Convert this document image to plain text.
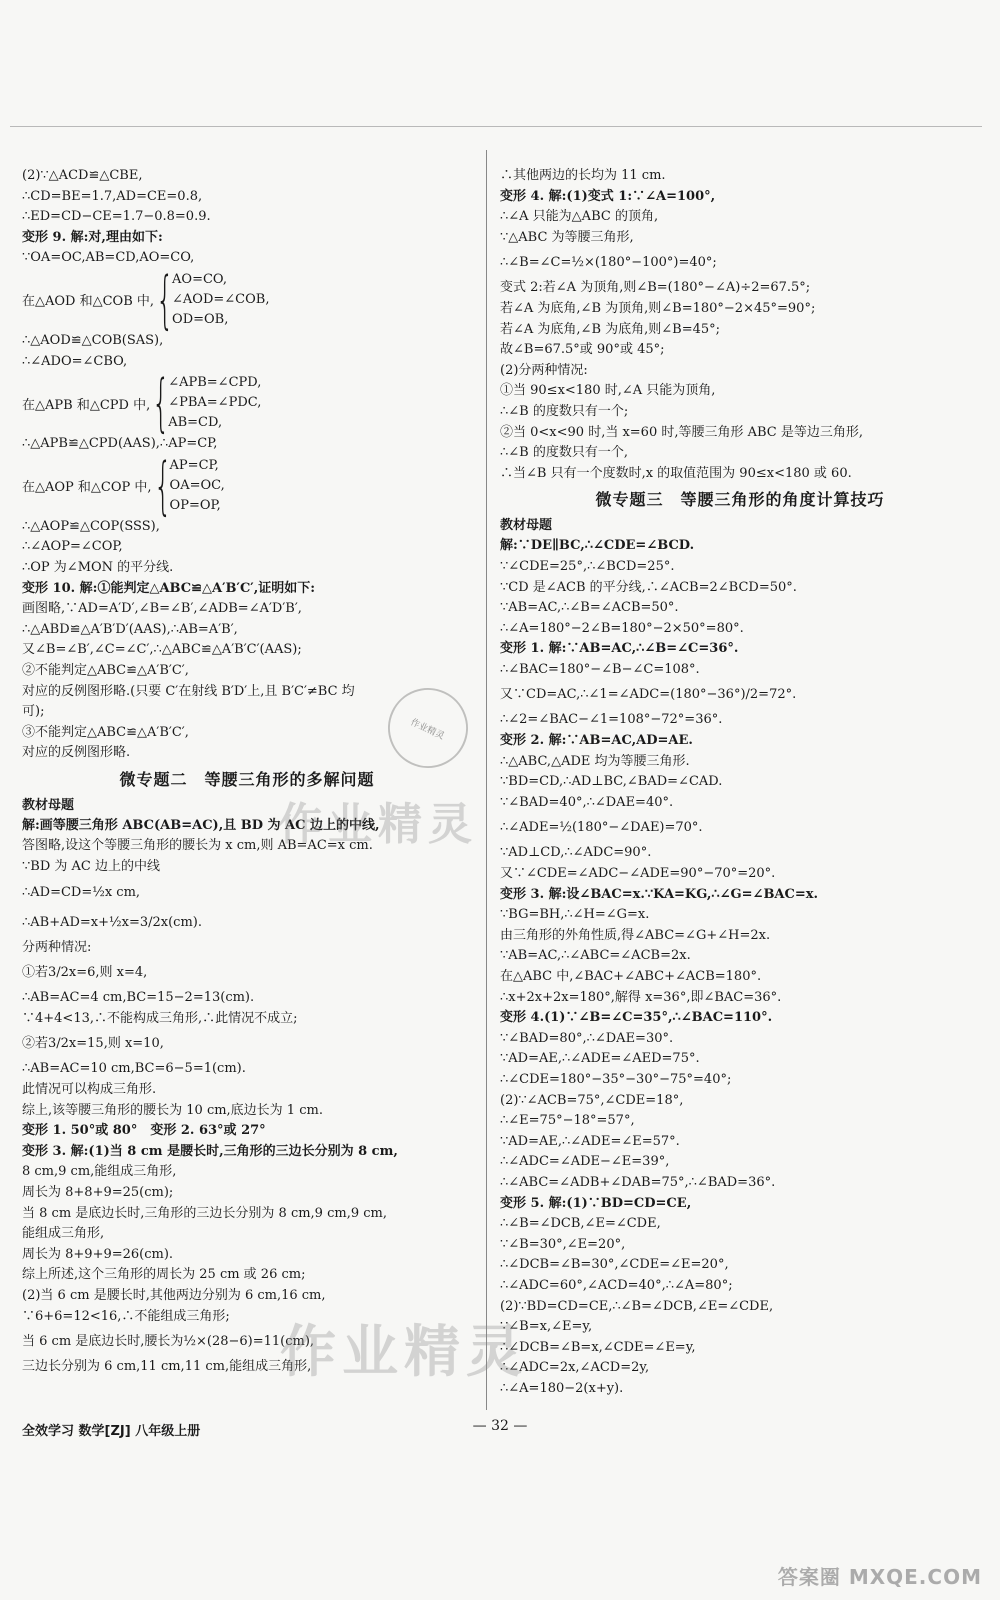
(2)∵△ACD≌△CBE,
∴CD=BE=1.7,AD=CE=0.8,
∴ED=CD−CE=1.7−0.8=0.9.
变形 9. 解:对,理由如下:
∵OA=OC,AB=CD,AO=CO,
在△AOD 和△COB 中, {
AO=CO,
∠AOD=∠COB,
OD=OB,
∴△AOD≌△COB(SAS),
∴∠ADO=∠CBO,
在△APB 和△CPD 中, {
∠APB=∠CPD,
∠PBA=∠PDC,
AB=CD,
∴△APB≌△CPD(AAS),∴AP=CP,
在△AOP 和△COP 中, {
AP=CP,
OA=OC,
OP=OP,
∴△AOP≌△COP(SSS),
∴∠AOP=∠COP,
∴OP 为∠MON 的平分线.
变形 10. 解:①能判定△ABC≌△A′B′C′,证明如下:
画图略,∵AD=A′D′,∠B=∠B′,∠ADB=∠A′D′B′,
∴△ABD≌△A′B′D′(AAS),∴AB=A′B′,
又∠B=∠B′,∠C=∠C′,∴△ABC≌△A′B′C′(AAS);
②不能判定△ABC≌△A′B′C′,
对应的反例图形略.(只要 C′在射线 B′D′上,且 B′C′≠BC 均
可);
③不能判定△ABC≌△A′B′C′,
对应的反例图形略.
微专题二　等腰三角形的多解问题
教材母题
解:画等腰三角形 ABC(AB=AC),且 BD 为 AC 边上的中线,
答图略,设这个等腰三角形的腰长为 x cm,则 AB=AC=x cm.
∵BD 为 AC 边上的中线
∴AD=CD=½x cm,
∴AB+AD=x+½x=3/2x(cm).
分两种情况:
①若3/2x=6,则 x=4,
∴AB=AC=4 cm,BC=15−2=13(cm).
∵4+4<13,∴不能构成三角形,∴此情况不成立;
②若3/2x=15,则 x=10,
∴AB=AC=10 cm,BC=6−5=1(cm).
此情况可以构成三角形.
综上,该等腰三角形的腰长为 10 cm,底边长为 1 cm.
变形 1. 50°或 80°　变形 2. 63°或 27°
变形 3. 解:(1)当 8 cm 是腰长时,三角形的三边长分别为 8 cm,
8 cm,9 cm,能组成三角形,
周长为 8+8+9=25(cm);
当 8 cm 是底边长时,三角形的三边长分别为 8 cm,9 cm,9 cm,
能组成三角形,
周长为 8+9+9=26(cm).
综上所述,这个三角形的周长为 25 cm 或 26 cm;
(2)当 6 cm 是腰长时,其他两边分别为 6 cm,16 cm,
∵6+6=12<16,∴不能组成三角形;
当 6 cm 是底边长时,腰长为½×(28−6)=11(cm),
三边长分别为 6 cm,11 cm,11 cm,能组成三角形,
∴其他两边的长均为 11 cm.
变形 4. 解:(1)变式 1:∵∠A=100°,
∴∠A 只能为△ABC 的顶角,
∵△ABC 为等腰三角形,
∴∠B=∠C=½×(180°−100°)=40°;
变式 2:若∠A 为顶角,则∠B=(180°−∠A)÷2=67.5°;
若∠A 为底角,∠B 为顶角,则∠B=180°−2×45°=90°;
若∠A 为底角,∠B 为底角,则∠B=45°;
故∠B=67.5°或 90°或 45°;
(2)分两种情况:
①当 90≤x<180 时,∠A 只能为顶角,
∴∠B 的度数只有一个;
②当 0<x<90 时,当 x=60 时,等腰三角形 ABC 是等边三角形,
∴∠B 的度数只有一个,
∴当∠B 只有一个度数时,x 的取值范围为 90≤x<180 或 60.
微专题三　等腰三角形的角度计算技巧
教材母题
解:∵DE∥BC,∴∠CDE=∠BCD.
∵∠CDE=25°,∴∠BCD=25°.
∵CD 是∠ACB 的平分线,∴∠ACB=2∠BCD=50°.
∵AB=AC,∴∠B=∠ACB=50°.
∴∠A=180°−2∠B=180°−2×50°=80°.
变形 1. 解:∵AB=AC,∴∠B=∠C=36°.
∴∠BAC=180°−∠B−∠C=108°.
又∵CD=AC,∴∠1=∠ADC=(180°−36°)/2=72°.
∴∠2=∠BAC−∠1=108°−72°=36°.
变形 2. 解:∵AB=AC,AD=AE.
∴△ABC,△ADE 均为等腰三角形.
∵BD=CD,∴AD⊥BC,∠BAD=∠CAD.
∵∠BAD=40°,∴∠DAE=40°.
∴∠ADE=½(180°−∠DAE)=70°.
∵AD⊥CD,∴∠ADC=90°.
又∵∠CDE=∠ADC−∠ADE=90°−70°=20°.
变形 3. 解:设∠BAC=x.∵KA=KG,∴∠G=∠BAC=x.
∵BG=BH,∴∠H=∠G=x.
由三角形的外角性质,得∠ABC=∠G+∠H=2x.
∵AB=AC,∴∠ABC=∠ACB=2x.
在△ABC 中,∠BAC+∠ABC+∠ACB=180°.
∴x+2x+2x=180°,解得 x=36°,即∠BAC=36°.
变形 4.(1)∵∠B=∠C=35°,∴∠BAC=110°.
∵∠BAD=80°,∴∠DAE=30°.
∵AD=AE,∴∠ADE=∠AED=75°.
∴∠CDE=180°−35°−30°−75°=40°;
(2)∵∠ACB=75°,∠CDE=18°,
∴∠E=75°−18°=57°,
∵AD=AE,∴∠ADE=∠E=57°.
∴∠ADC=∠ADE−∠E=39°,
∴∠ABC=∠ADB+∠DAB=75°,∴∠BAD=36°.
变形 5. 解:(1)∵BD=CD=CE,
∴∠B=∠DCB,∠E=∠CDE,
∵∠B=30°,∠E=20°,
∴∠DCB=∠B=30°,∠CDE=∠E=20°,
∴∠ADC=60°,∠ACD=40°,∴∠A=80°;
(2)∵BD=CD=CE,∴∠B=∠DCB,∠E=∠CDE,
∵∠B=x,∠E=y,
∴∠DCB=∠B=x,∠CDE=∠E=y,
∴∠ADC=2x,∠ACD=2y,
∴∠A=180−2(x+y).
作业精灵
作业精灵
作业精灵
全效学习 数学[ZJ] 八年级上册	— 32 —
答案圈 MXQE.COM
